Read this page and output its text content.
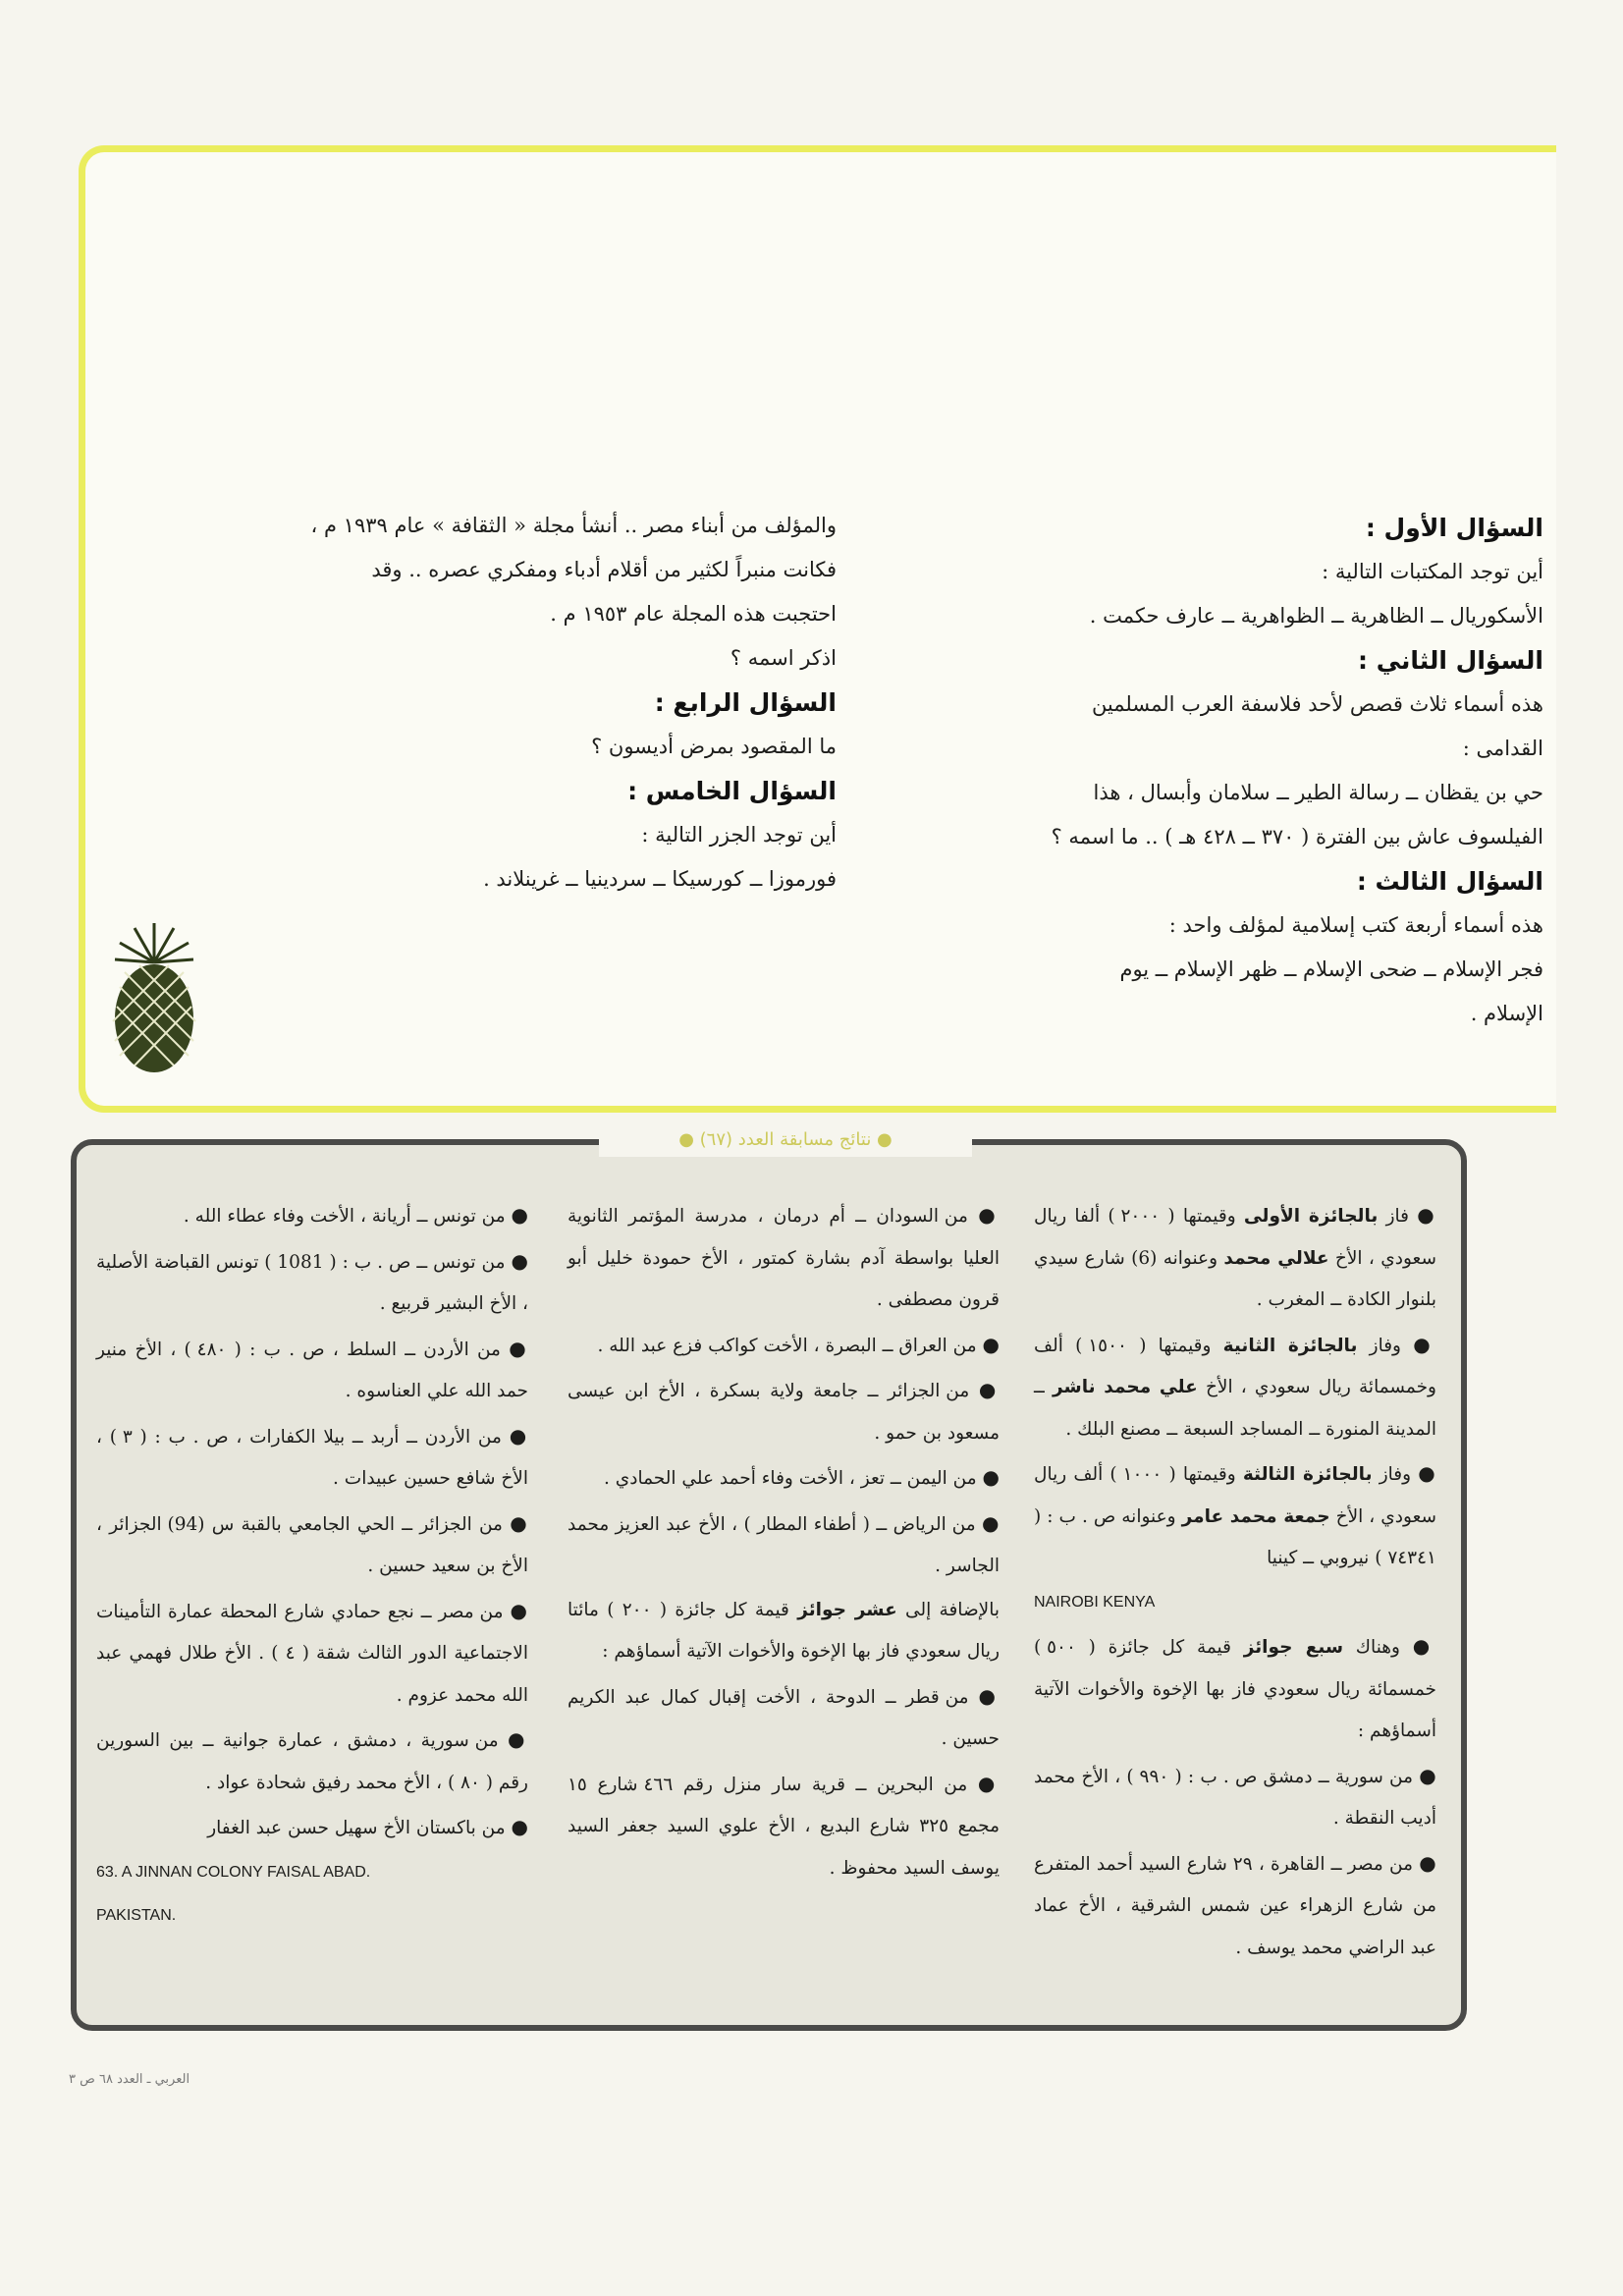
السؤال الأول :

أين توجد المكتبات التالية :

الأسكوريال ــ الظاهرية ــ الظواهرية ــ عارف حكمت .

السؤال الثاني :

هذه أسماء ثلاث قصص لأحد فلاسفة العرب المسلمين

القدامى :

حي بن يقظان ــ رسالة الطير ــ سلامان وأبسال ، هذا

الفيلسوف عاش بين الفترة ( ٣٧٠ ــ ٤٢٨ هـ ) .. ما اسمه ؟

السؤال الثالث :

هذه أسماء أربعة كتب إسلامية لمؤلف واحد :

فجر الإسلام ــ ضحى الإسلام ــ ظهر الإسلام ــ يوم

الإسلام .

والمؤلف من أبناء مصر .. أنشأ مجلة « الثقافة » عام ١٩٣٩ م ،

فكانت منبراً لكثير من أقلام أدباء ومفكري عصره .. وقد

احتجبت هذه المجلة عام ١٩٥٣ م .

اذكر اسمه ؟

السؤال الرابع :

ما المقصود بمرض أديسون ؟

السؤال الخامس :

أين توجد الجزر التالية :

فورموزا ــ كورسيكا ــ سردينيا ــ غرينلاند .

● نتائج مسابقة العدد (٦٧) ●

● فاز بالجائزة الأولى وقيمتها ( ٢٠٠٠ ) ألفا ريال سعودي ، الأخ علالي محمد وعنوانه (6) شارع سيدي بلنوار الكادة ــ المغرب .

● وفاز بالجائزة الثانية وقيمتها ( ١٥٠٠ ) ألف وخمسمائة ريال سعودي ، الأخ علي محمد ناشر ــ المدينة المنورة ــ المساجد السبعة ــ مصنع البلك .

● وفاز بالجائزة الثالثة وقيمتها ( ١٠٠٠ ) ألف ريال سعودي ، الأخ جمعة محمد عامر وعنوانه ص . ب : ( ٧٤٣٤١ ) نيروبي ــ كينيا

NAIROBI KENYA

● وهناك سبع جوائز قيمة كل جائزة ( ٥٠٠ ) خمسمائة ريال سعودي فاز بها الإخوة والأخوات الآتية أسماؤهم :

● من سورية ــ دمشق ص . ب : ( ٩٩٠ ) ، الأخ محمد أديب النقطة .

● من مصر ــ القاهرة ، ٢٩ شارع السيد أحمد المتفرع من شارع الزهراء عين شمس الشرقية ، الأخ عماد عبد الراضي محمد يوسف .

● من السودان ــ أم درمان ، مدرسة المؤتمر الثانوية العليا بواسطة آدم بشارة كمتور ، الأخ حمودة خليل أبو قرون مصطفى .

● من العراق ــ البصرة ، الأخت كواكب فزع عبد الله .

● من الجزائر ــ جامعة ولاية بسكرة ، الأخ ابن عيسى مسعود بن حمو .

● من اليمن ــ تعز ، الأخت وفاء أحمد علي الحمادي .

● من الرياض ــ ( أطفاء المطار ) ، الأخ عبد العزيز محمد الجاسر .

بالإضافة إلى عشر جوائز قيمة كل جائزة ( ٢٠٠ ) مائتا ريال سعودي فاز بها الإخوة والأخوات الآتية أسماؤهم :

● من قطر ــ الدوحة ، الأخت إقبال كمال عبد الكريم حسين .

● من البحرين ــ قرية سار منزل رقم ٤٦٦ شارع ١٥ مجمع ٣٢٥ شارع البديع ، الأخ علوي السيد جعفر السيد يوسف السيد محفوظ .

● من تونس ــ أريانة ، الأخت وفاء عطاء الله .

● من تونس ــ ص . ب : ( 1081 ) تونس القباضة الأصلية ، الأخ البشير قربيع .

● من الأردن ــ السلط ، ص . ب : ( ٤٨٠ ) ، الأخ منير حمد الله علي العناسوه .

● من الأردن ــ أربد ــ بيلا الكفارات ، ص . ب : ( ٣ ) ، الأخ شافع حسين عبيدات .

● من الجزائر ــ الحي الجامعي بالقبة س (94) الجزائر ، الأخ بن سعيد حسين .

● من مصر ــ نجع حمادي شارع المحطة عمارة التأمينات الاجتماعية الدور الثالث شقة ( ٤ ) . الأخ طلال فهمي عبد الله محمد عزوم .

● من سورية ، دمشق ، عمارة جوانية ــ بين السورين رقم ( ٨٠ ) ، الأخ محمد رفيق شحادة عواد .

● من باكستان الأخ سهيل حسن عبد الغفار

63. A JINNAN COLONY FAISAL ABAD.

PAKISTAN.

العربي ـ العدد ٦٨ ص ٣
